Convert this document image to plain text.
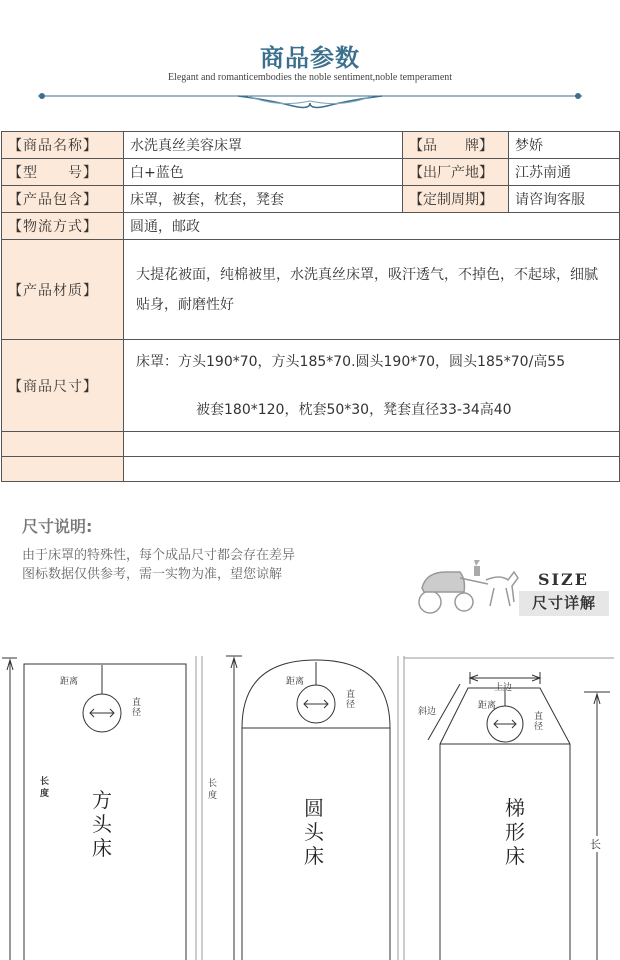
商品参数
Elegant and romanticembodies the noble sentiment,noble temperament
【商品名称】	水洗真丝美容床罩	【品　　牌】	梦娇
【型　　号】	白+蓝色	【出厂产地】	江苏南通
【产品包含】	床罩，被套，枕套，凳套	【定制周期】	请咨询客服
【物流方式】	圆通，邮政		
【产品材质】	大提花被面，纯棉被里，水洗真丝床罩，吸汗透气，不掉色，不起球，细腻贴身，耐磨性好		
【商品尺寸】	床罩：方头190*70，方头185*70.圆头190*70，圆头185*70/高55
被套180*120，枕套50*30，凳套直径33-34高40		

尺寸说明:
由于床罩的特殊性，每个成品尺寸都会存在差异
图标数据仅供参考，需一实物为准，望您谅解	SIZE
尺寸详解
距离
直径
长度 方头床
距离
直径
长度	圆头床
上边
斜边
距离
直径
梯形床	长
